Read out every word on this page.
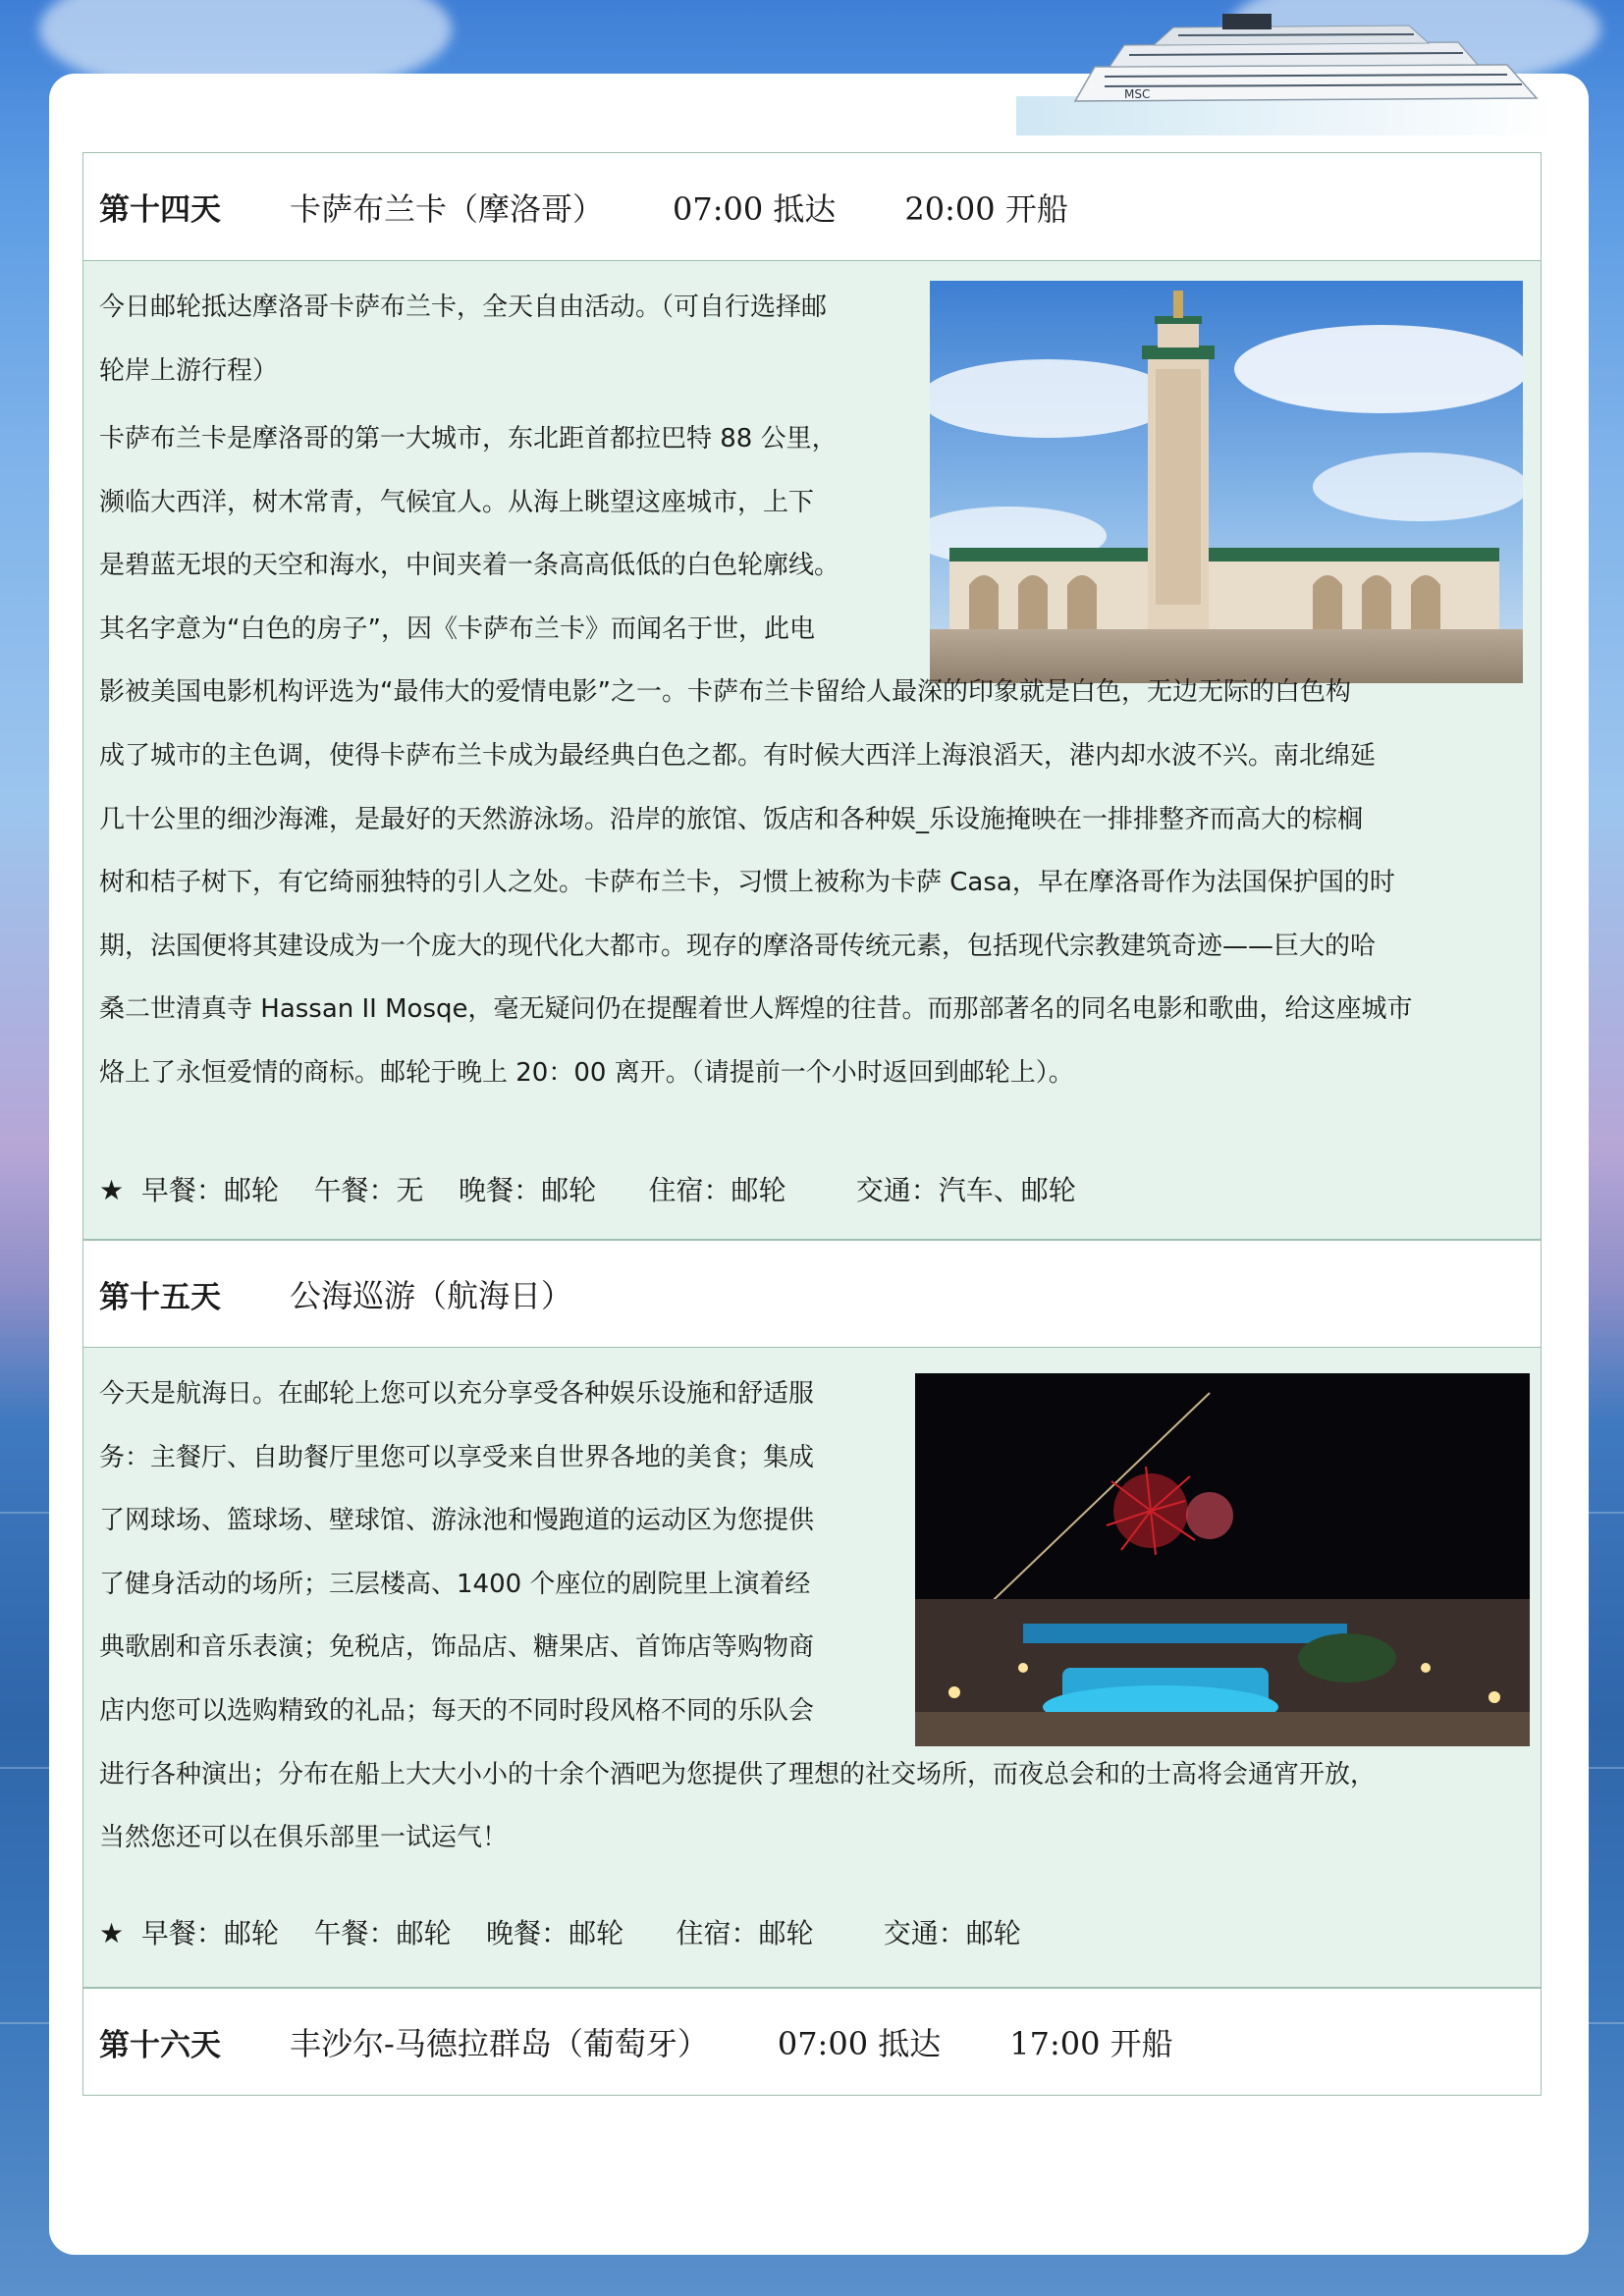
MSC
第十四天 卡萨布兰卡（摩洛哥） 07:00 抵达 20:00 开船
今日邮轮抵达摩洛哥卡萨布兰卡，全天自由活动。（可自行选择邮
轮岸上游行程）
卡萨布兰卡是摩洛哥的第一大城市，东北距首都拉巴特 88 公里，
濒临大西洋，树木常青，气候宜人。从海上眺望这座城市，上下
是碧蓝无垠的天空和海水，中间夹着一条高高低低的白色轮廓线。
其名字意为“白色的房子”，因《卡萨布兰卡》而闻名于世，此电
影被美国电影机构评选为“最伟大的爱情电影”之一。卡萨布兰卡留给人最深的印象就是白色，无边无际的白色构
成了城市的主色调，使得卡萨布兰卡成为最经典白色之都。有时候大西洋上海浪滔天，港内却水波不兴。南北绵延
几十公里的细沙海滩，是最好的天然游泳场。沿岸的旅馆、饭店和各种娱_乐设施掩映在一排排整齐而高大的棕榈
树和桔子树下，有它绮丽独特的引人之处。卡萨布兰卡，习惯上被称为卡萨 Casa，早在摩洛哥作为法国保护国的时
期，法国便将其建设成为一个庞大的现代化大都市。现存的摩洛哥传统元素，包括现代宗教建筑奇迹——巨大的哈
桑二世清真寺 Hassan II Mosqe，毫无疑问仍在提醒着世人辉煌的往昔。而那部著名的同名电影和歌曲，给这座城市
烙上了永恒爱情的商标。邮轮于晚上 20：00 离开。（请提前一个小时返回到邮轮上）。
★  早餐：邮轮    午餐：无    晚餐：邮轮      住宿：邮轮        交通：汽车、邮轮
第十五天 公海巡游（航海日）
今天是航海日。在邮轮上您可以充分享受各种娱乐设施和舒适服
务：主餐厅、自助餐厅里您可以享受来自世界各地的美食；集成
了网球场、篮球场、壁球馆、游泳池和慢跑道的运动区为您提供
了健身活动的场所；三层楼高、1400 个座位的剧院里上演着经
典歌剧和音乐表演；免税店，饰品店、糖果店、首饰店等购物商
店内您可以选购精致的礼品；每天的不同时段风格不同的乐队会
进行各种演出；分布在船上大大小小的十余个酒吧为您提供了理想的社交场所，而夜总会和的士高将会通宵开放，
当然您还可以在俱乐部里一试运气！
★  早餐：邮轮    午餐：邮轮    晚餐：邮轮      住宿：邮轮        交通：邮轮
第十六天 丰沙尔-马德拉群岛（葡萄牙） 07:00 抵达 17:00 开船
